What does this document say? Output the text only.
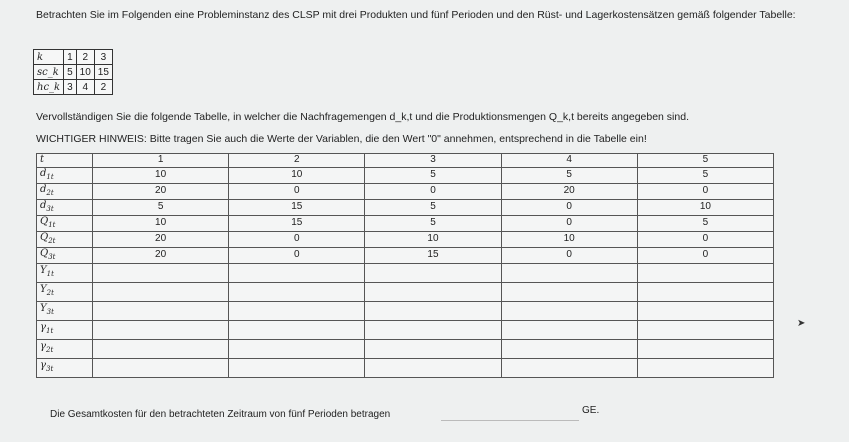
Betrachten Sie im Folgenden eine Probleminstanz des CLSP mit drei Produkten und fünf Perioden und den Rüst- und Lagerkostensätzen gemäß folgender Tabelle:
k	1	2	3
sc_k	5	10	15
hc_k	3	4	2
Vervollständigen Sie die folgende Tabelle, in welcher die Nachfragemengen d_k,t und die Produktionsmengen Q_k,t bereits angegeben sind.
WICHTIGER HINWEIS: Bitte tragen Sie auch die Werte der Variablen, die den Wert "0" annehmen, entsprechend in die Tabelle ein!
t	1	2	3	4	5
$d_{1t}$	10	10	5	5	5
$d_{2t}$	20	0	0	20	0
$d_{3t}$	5	15	5	0	10
$Q_{1t}$	10	15	5	0	5
$Q_{2t}$	20	0	10	10	0
$Q_{3t}$	20	0	15	0	0
$Y_{1t}$					
$Y_{2t}$					
$Y_{3t}$					
$\gamma_{1t}$					
$\gamma_{2t}$					
$\gamma_{3t}$					
Die Gesamtkosten für den betrachteten Zeitraum von fünf Perioden betragen	GE.
➤
